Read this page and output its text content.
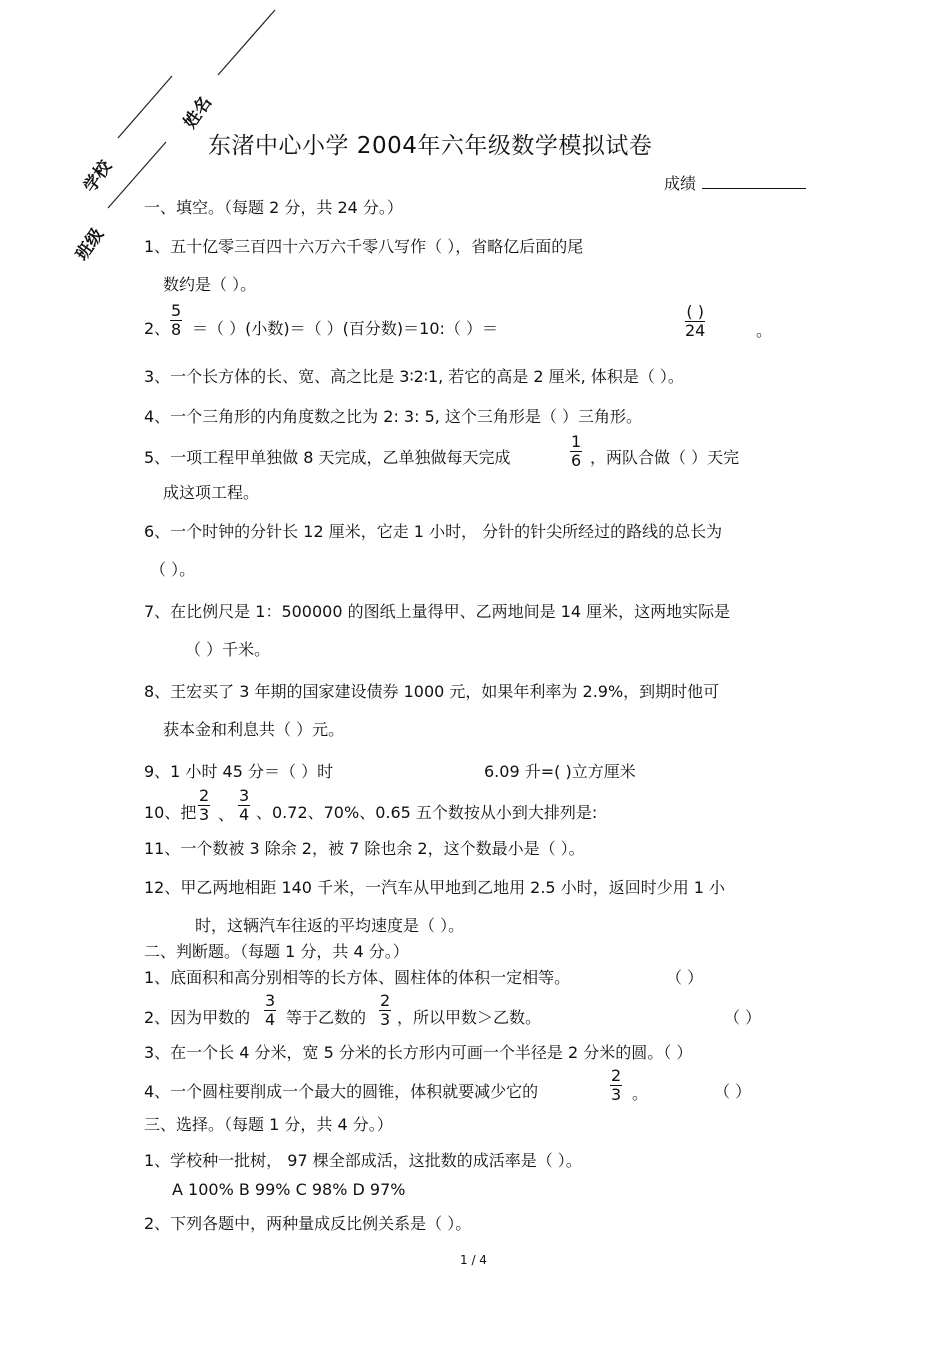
姓名
学校
班级
东渚中心小学 2004年六年级数学模拟试卷
成绩
一、填空。（每题 2 分，共 24 分。）
1、五十亿零三百四十六万六千零八写作（ ），省略亿后面的尾
数约是（ ）。
2、 $\frac{5}{8}$ ＝（ ）(小数)＝（ ）(百分数)＝10:（ ）＝
( )
24	。
3、一个长方体的长、宽、高之比是 3∶2∶1, 若它的高是 2 厘米, 体积是（ ）。
4、一个三角形的内角度数之比为 2: 3: 5, 这个三角形是（ ）三角形。
5、一项工程甲单独做 8 天完成，乙单独做每天完成	$\frac{1}{6}$ ，两队合做（ ）天完
成这项工程。
6、一个时钟的分针长 12 厘米，它走 1 小时， 分针的针尖所经过的路线的总长为
（ ）。
7、在比例尺是 1：500000 的图纸上量得甲、乙两地间是 14 厘米，这两地实际是
（ ）千米。
8、王宏买了 3 年期的国家建设债券 1000 元，如果年利率为 2.9%，到期时他可
获本金和利息共（ ）元。
9、1 小时 45 分＝（ ）时	6.09 升=( )立方厘米
10、把 $\frac{2}{3}$ 、 $\frac{3}{4}$ 、0.72、70%、0.65 五个数按从小到大排列是:
11、一个数被 3 除余 2，被 7 除也余 2，这个数最小是（ ）。
12、甲乙两地相距 140 千米，一汽车从甲地到乙地用 2.5 小时，返回时少用 1 小
时，这辆汽车往返的平均速度是（ ）。
二、判断题。（每题 1 分，共 4 分。）
1、底面积和高分别相等的长方体、圆柱体的体积一定相等。	（ ）
2、因为甲数的 $\frac{3}{4}$ 等于乙数的 $\frac{2}{3}$ ，所以甲数＞乙数。	（ ）
3、在一个长 4 分米，宽 5 分米的长方形内可画一个半径是 2 分米的圆。（ ）
4、一个圆柱要削成一个最大的圆锥，体积就要减少它的	$\frac{2}{3}$ 。	（ ）
三、选择。（每题 1 分，共 4 分。）
1、学校种一批树， 97 棵全部成活，这批数的成活率是（ ）。
A 100% B 99% C 98% D 97%
2、下列各题中，两种量成反比例关系是（ ）。
1 / 4
